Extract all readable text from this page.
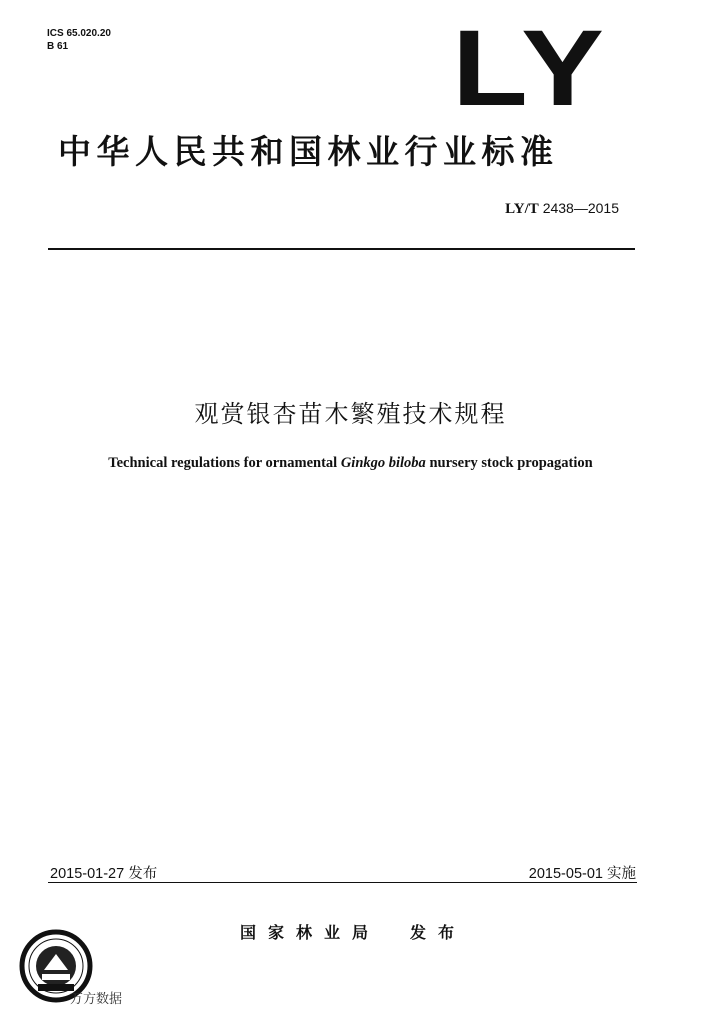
ICS 65.020.20
B 61	LY
中华人民共和国林业行业标准
LY/T 2438—2015
观赏银杏苗木繁殖技术规程
Technical regulations for ornamental Ginkgo biloba nursery stock propagation
2015-01-27 发布	2015-05-01 实施
国家林业局 发布
万方数据
